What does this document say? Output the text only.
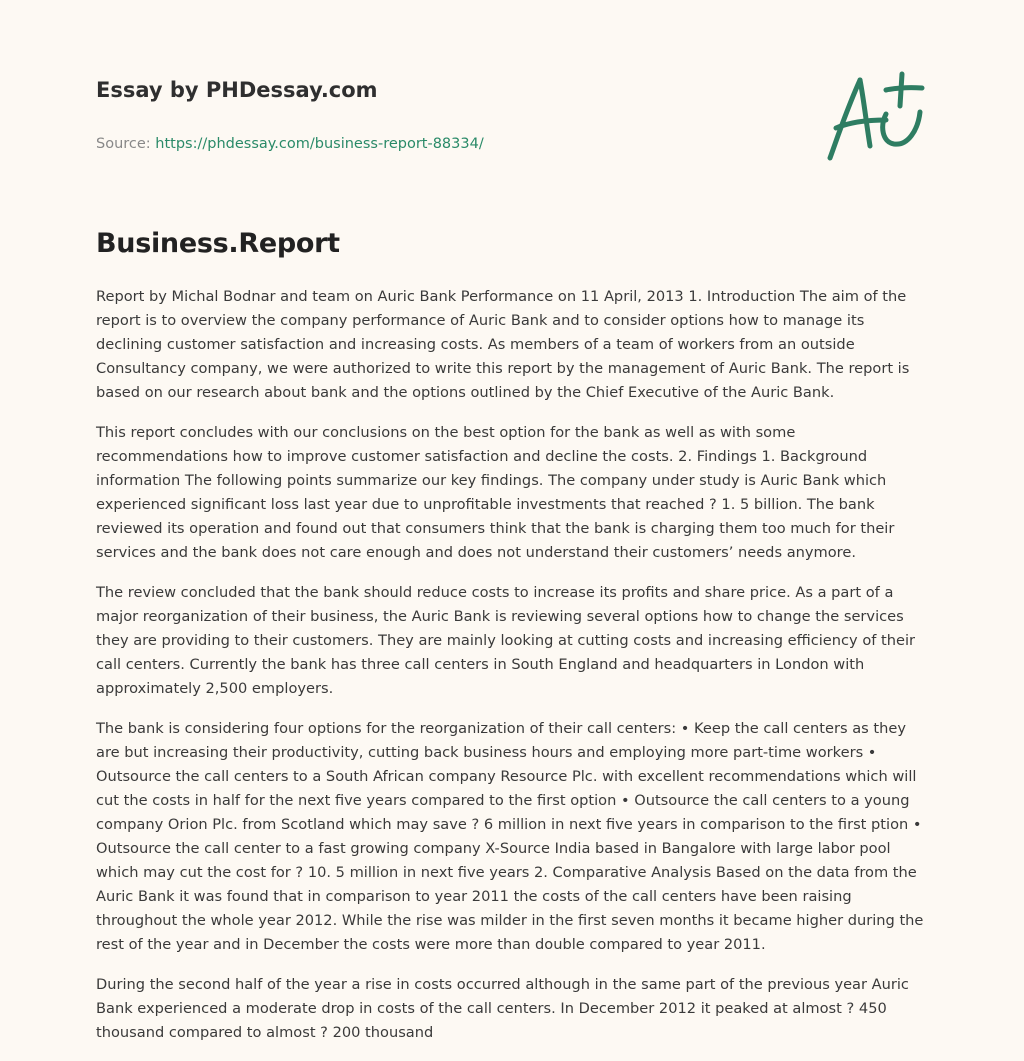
Essay by PHDessay.com
Source: https://phdessay.com/business-report-88334/
Business.Report

Report by Michal Bodnar and team on Auric Bank Performance on 11 April, 2013 1. Introduction The aim of the report is to overview the company performance of Auric Bank and to consider options how to manage its declining customer satisfaction and increasing costs. As members of a team of workers from an outside Consultancy company, we were authorized to write this report by the management of Auric Bank. The report is based on our research about bank and the options outlined by the Chief Executive of the Auric Bank.

This report concludes with our conclusions on the best option for the bank as well as with some recommendations how to improve customer satisfaction and decline the costs. 2. Findings 1. Background information The following points summarize our key findings. The company under study is Auric Bank which experienced significant loss last year due to unprofitable investments that reached ? 1. 5 billion. The bank reviewed its operation and found out that consumers think that the bank is charging them too much for their services and the bank does not care enough and does not understand their customers’ needs anymore.

The review concluded that the bank should reduce costs to increase its profits and share price. As a part of a major reorganization of their business, the Auric Bank is reviewing several options how to change the services they are providing to their customers. They are mainly looking at cutting costs and increasing efficiency of their call centers. Currently the bank has three call centers in South England and headquarters in London with approximately 2,500 employers.

The bank is considering four options for the reorganization of their call centers: • Keep the call centers as they are but increasing their productivity, cutting back business hours and employing more part-time workers • Outsource the call centers to a South African company Resource Plc. with excellent recommendations which will cut the costs in half for the next five years compared to the first option • Outsource the call centers to a young company Orion Plc. from Scotland which may save ? 6 million in next five years in comparison to the first ption • Outsource the call center to a fast growing company X-Source India based in Bangalore with large labor pool which may cut the cost for ? 10. 5 million in next five years 2. Comparative Analysis Based on the data from the Auric Bank it was found that in comparison to year 2011 the costs of the call centers have been raising throughout the whole year 2012. While the rise was milder in the first seven months it became higher during the rest of the year and in December the costs were more than double compared to year 2011.

During the second half of the year a rise in costs occurred although in the same part of the previous year Auric Bank experienced a moderate drop in costs of the call centers. In December 2012 it peaked at almost ? 450 thousand compared to almost ? 200 thousand
